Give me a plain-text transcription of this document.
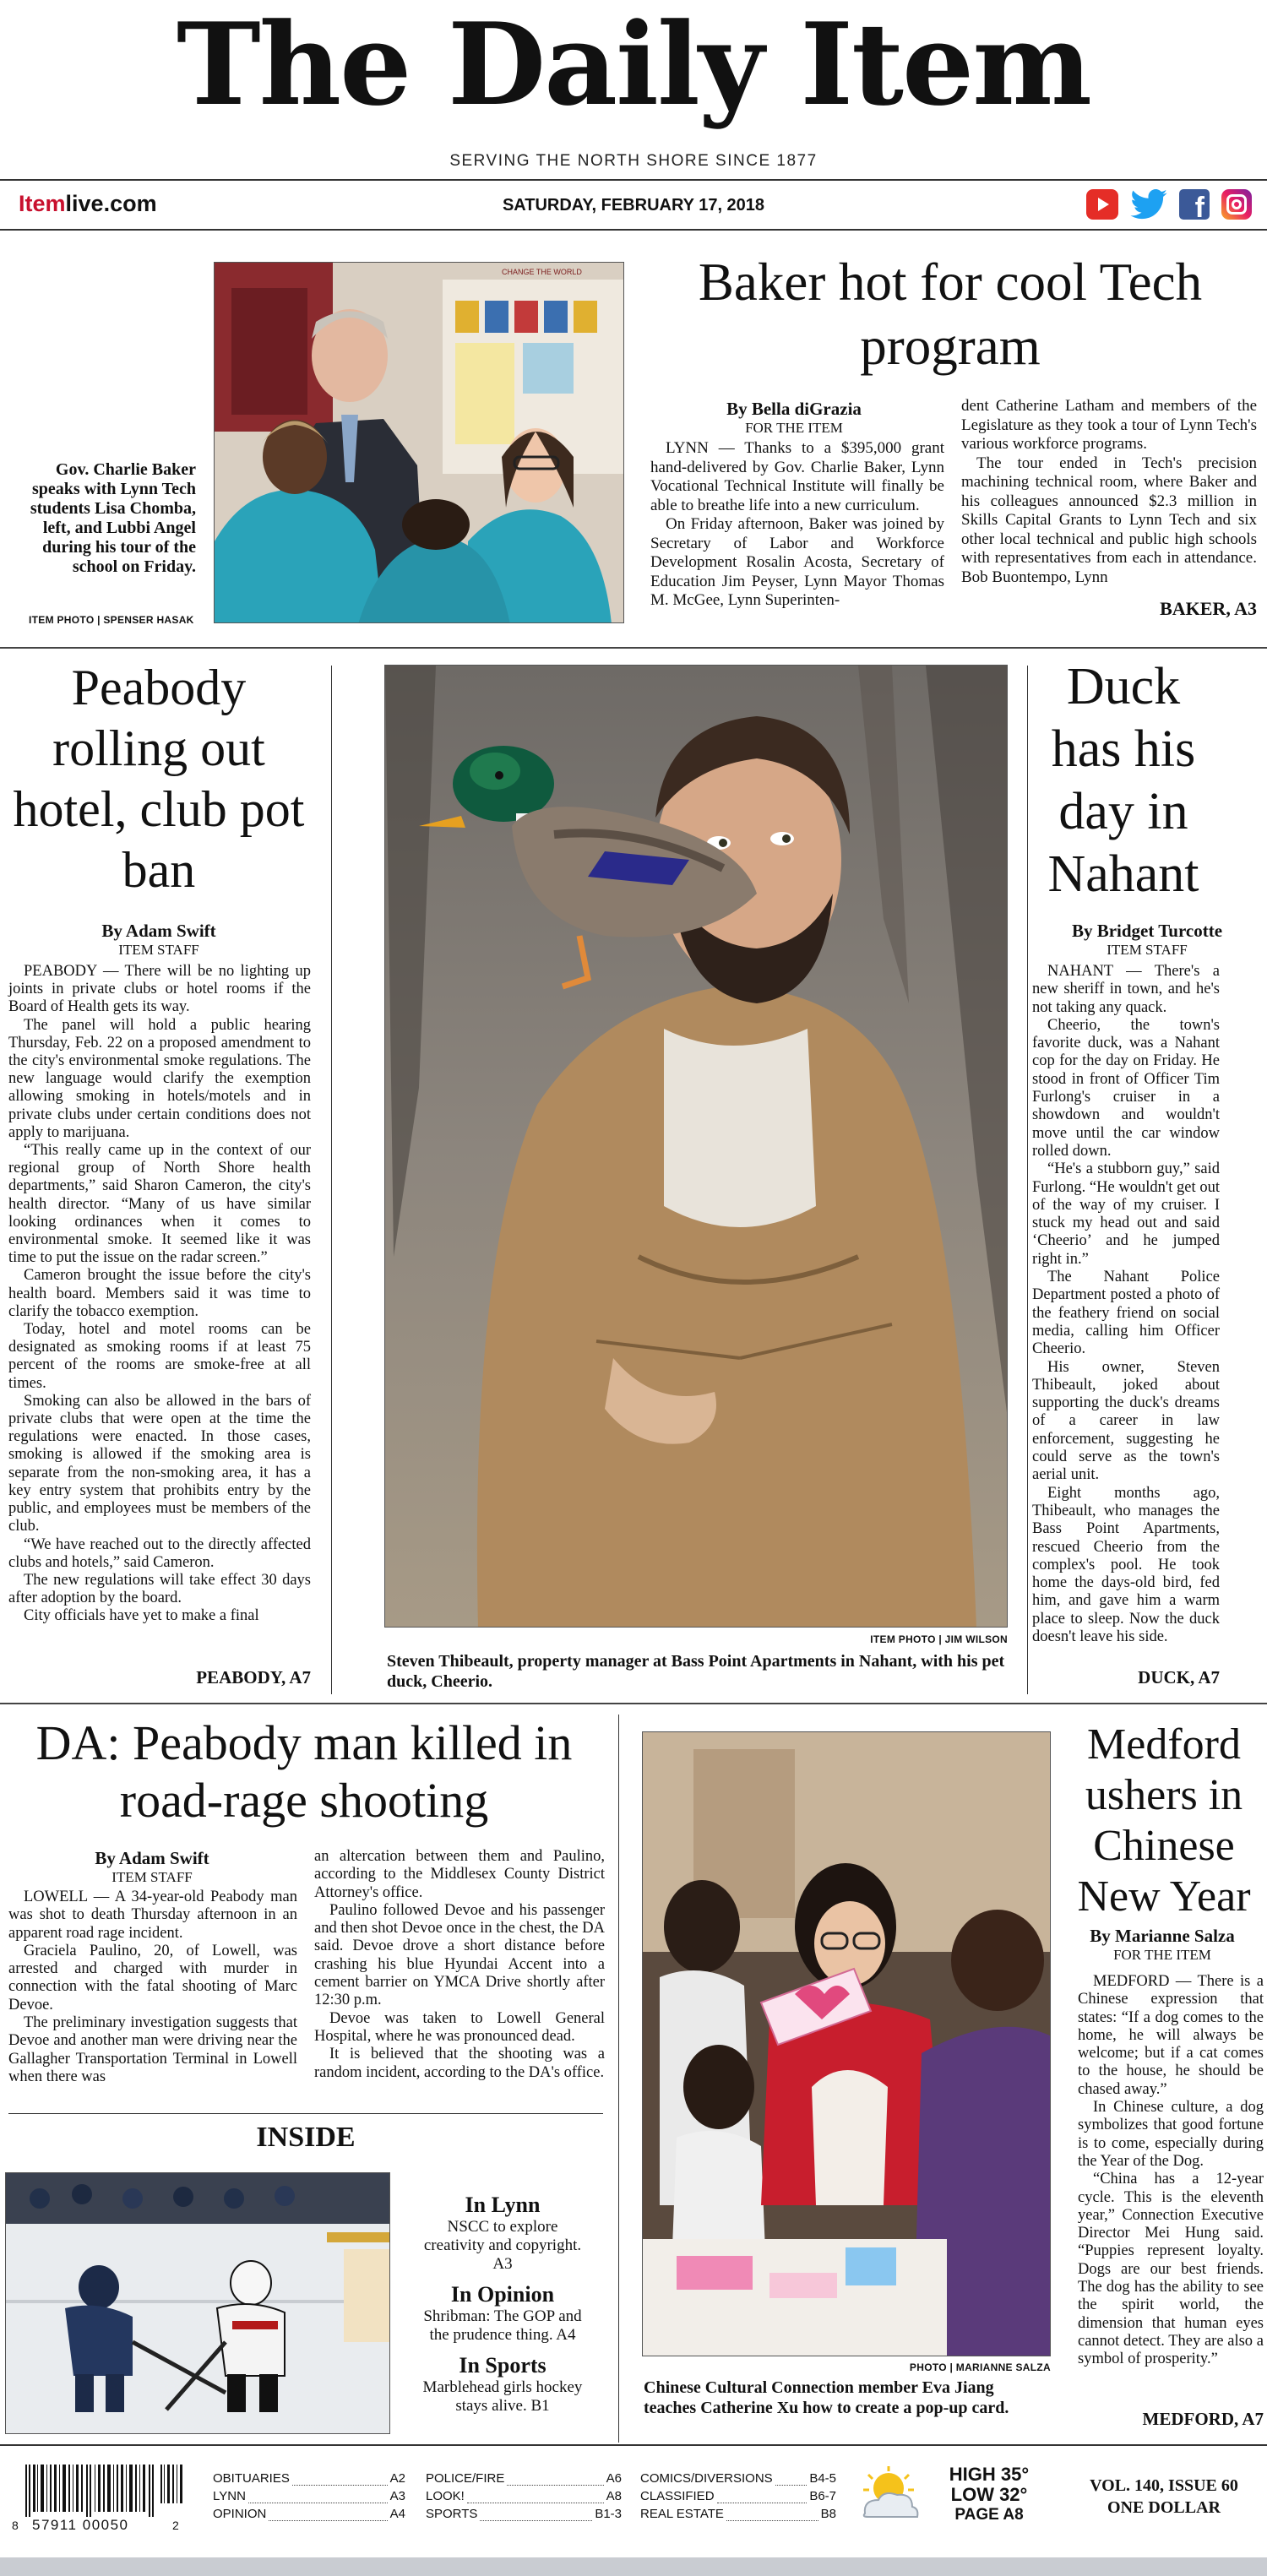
The Daily Item
SERVING THE NORTH SHORE SINCE 1877
Itemlive.com	SATURDAY, FEBRUARY 17, 2018	f
Gov. Charlie Baker speaks with Lynn Tech students Lisa Chomba, left, and Lubbi Angel during his tour of the school on Friday.
CHANGE THE WORLD
ITEM PHOTO | SPENSER HASAK
Baker hot for cool Tech program
By Bella diGrazia
FOR THE ITEM

LYNN — Thanks to a $395,000 grant hand-delivered by Gov. Charlie Baker, Lynn Vocational Technical Institute will finally be able to breathe life into a new curriculum.

On Friday afternoon, Baker was joined by Secretary of Labor and Workforce Development Rosalin Acosta, Secretary of Education Jim Peyser, Lynn Mayor Thomas M. McGee, Lynn Superinten-

dent Catherine Latham and members of the Legislature as they took a tour of Lynn Tech's various workforce programs.

The tour ended in Tech's precision machining technical room, where Baker and his colleagues announced $2.3 million in Skills Capital Grants to Lynn Tech and six other local technical and public high schools with representatives from each in attendance. Bob Buontempo, Lynn

BAKER, A3
Peabody rolling out hotel, club pot ban
By Adam Swift
ITEM STAFF

PEABODY — There will be no lighting up joints in private clubs or hotel rooms if the Board of Health gets its way.

The panel will hold a public hearing Thursday, Feb. 22 on a proposed amendment to the city's environmental smoke regulations. The new language would clarify the exemption allowing smoking in hotels/motels and in private clubs under certain conditions does not apply to marijuana.

“This really came up in the context of our regional group of North Shore health departments,” said Sharon Cameron, the city's health director. “Many of us have similar looking ordinances when it comes to environmental smoke. It seemed like it was time to put the issue on the radar screen.”

Cameron brought the issue before the city's health board. Members said it was time to clarify the tobacco exemption.

Today, hotel and motel rooms can be designated as smoking rooms if at least 75 percent of the rooms are smoke-free at all times.

Smoking can also be allowed in the bars of private clubs that were open at the time the regulations were enacted. In those cases, smoking is allowed if the smoking area is separate from the non-smoking area, it has a key entry system that prohibits entry by the public, and employees must be members of the club.

“We have reached out to the directly affected clubs and hotels,” said Cameron.

The new regulations will take effect 30 days after adoption by the board.

City officials have yet to make a final

PEABODY, A7
ITEM PHOTO | JIM WILSON
Steven Thibeault, property manager at Bass Point Apartments in Nahant, with his pet duck, Cheerio.
Duck has his day in Nahant
By Bridget Turcotte
ITEM STAFF

NAHANT — There's a new sheriff in town, and he's not taking any quack.

Cheerio, the town's favorite duck, was a Nahant cop for the day on Friday. He stood in front of Officer Tim Furlong's cruiser in a showdown and wouldn't move until the car window rolled down.

“He's a stubborn guy,” said Furlong. “He wouldn't get out of the way of my cruiser. I stuck my head out and said ‘Cheerio’ and he jumped right in.”

The Nahant Police Department posted a photo of the feathery friend on social media, calling him Officer Cheerio.

His owner, Steven Thibeault, joked about supporting the duck's dreams of a career in law enforcement, suggesting he could serve as the town's aerial unit.

Eight months ago, Thibeault, who manages the Bass Point Apartments, rescued Cheerio from the complex's pool. He took home the days-old bird, fed him, and gave him a warm place to sleep. Now the duck doesn't leave his side.

DUCK, A7
DA: Peabody man killed in road-rage shooting
By Adam Swift
ITEM STAFF

LOWELL — A 34-year-old Peabody man was shot to death Thursday afternoon in an apparent road rage incident.

Graciela Paulino, 20, of Lowell, was arrested and charged with murder in connection with the fatal shooting of Marc Devoe.

The preliminary investigation suggests that Devoe and another man were driving near the Gallagher Transportation Terminal in Lowell when there was

an altercation between them and Paulino, according to the Middlesex County District Attorney's office.

Paulino followed Devoe and his passenger and then shot Devoe once in the chest, the DA said. Devoe drove a short distance before crashing his blue Hyundai Accent into a cement barrier on YMCA Drive shortly after 12:30 p.m.

Devoe was taken to Lowell General Hospital, where he was pronounced dead.

It is believed that the shooting was a random incident, according to the DA's office.

INSIDE
In Lynn
NSCC to explore creativity and copyright. A3
In Opinion
Shribman: The GOP and the prudence thing. A4
In Sports
Marblehead girls hockey stays alive. B1
PHOTO | MARIANNE SALZA
Chinese Cultural Connection member Eva Jiang teaches Catherine Xu how to create a pop-up card.
Medford ushers in Chinese New Year
By Marianne Salza
FOR THE ITEM

MEDFORD — There is a Chinese expression that states: “If a dog comes to the home, he will always be welcome; but if a cat comes to the house, he should be chased away.”

In Chinese culture, a dog symbolizes that good fortune is to come, especially during the Year of the Dog.

“China has a 12-year cycle. This is the eleventh year,” Connection Executive Director Mei Hung said. “Puppies represent loyalty. Dogs are our best friends. The dog has the ability to see the spirit world, the dimension that human eyes cannot detect. They are also a symbol of prosperity.”

MEDFORD, A7
8 57911 00050	2
OBITUARIES	A2
LYNN	A3
OPINION	A4
POLICE/FIRE	A6
LOOK!	A8
SPORTS	B1-3
COMICS/DIVERSIONS	B4-5
CLASSIFIED	B6-7
REAL ESTATE	B8
HIGH 35°
LOW 32°
PAGE A8
VOL. 140, ISSUE 60
ONE DOLLAR
